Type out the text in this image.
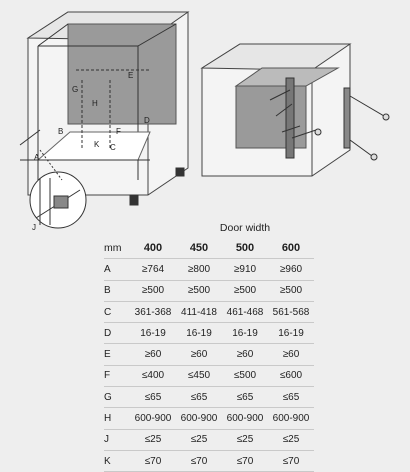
E
G
H
D
B	F
C
K
A
J	Door width
mm	400	450	500	600
A	≥764	≥800	≥910	≥960
B	≥500	≥500	≥500	≥500
C	361-368	411-418	461-468	561-568
D	16-19	16-19	16-19	16-19
E	≥60	≥60	≥60	≥60
F	≤400	≤450	≤500	≤600
G	≤65	≤65	≤65	≤65
H	600-900	600-900	600-900	600-900
J	≤25	≤25	≤25	≤25
K	≤70	≤70	≤70	≤70
